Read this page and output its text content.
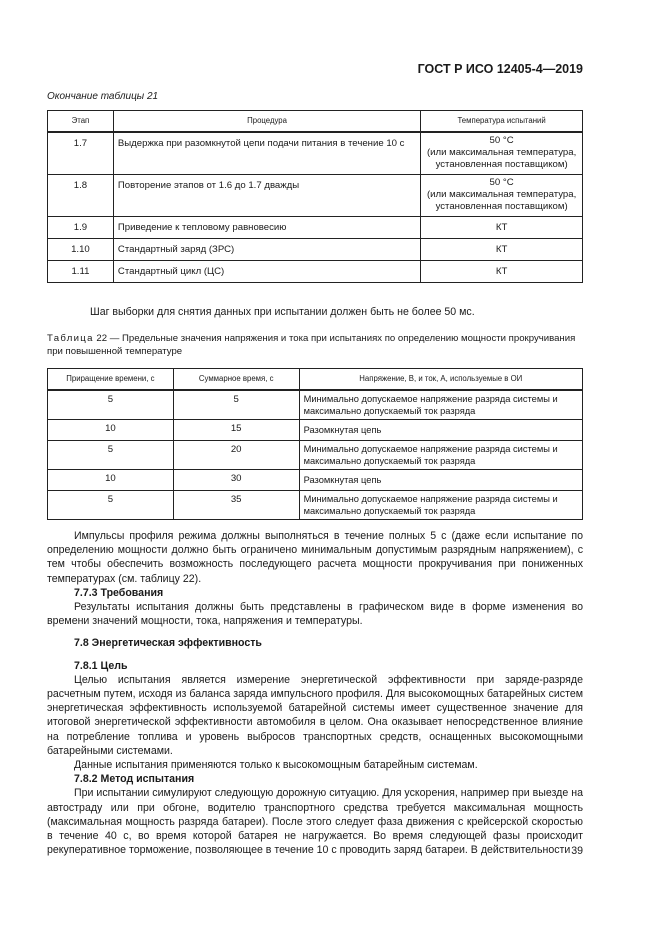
ГОСТ Р ИСО 12405-4—2019
Окончание таблицы 21
Этап	Процедура	Температура испытаний
1.7	Выдержка при разомкнутой цепи подачи питания в течение 10 с	50 °C
(или максимальная температура, установленная поставщиком)
1.8	Повторение этапов от 1.6 до 1.7 дважды	50 °C
(или максимальная температура, установленная поставщиком)
1.9	Приведение к тепловому равновесию	КТ
1.10	Стандартный заряд (ЗРС)	КТ
1.11	Стандартный цикл (ЦС)	КТ
Шаг выборки для снятия данных при испытании должен быть не более 50 мс.
Таблица 22 — Предельные значения напряжения и тока при испытаниях по определению мощности прокручивания при повышенной температуре
Приращение времени, с	Суммарное время, с	Напряжение, В, и ток, А, используемые в ОИ
5	5	Минимально допускаемое напряжение разряда системы и максимально допускаемый ток разряда
10	15	Разомкнутая цепь
5	20	Минимально допускаемое напряжение разряда системы и максимально допускаемый ток разряда
10	30	Разомкнутая цепь
5	35	Минимально допускаемое напряжение разряда системы и максимально допускаемый ток разряда

Импульсы профиля режима должны выполняться в течение полных 5 с (даже если испытание по определению мощности должно быть ограничено минимальным допустимым разрядным напряжением), с тем чтобы обеспечить возможность последующего расчета мощности прокручивания при пониженных температурах (см. таблицу 22).

7.7.3 Требования

Результаты испытания должны быть представлены в графическом виде в форме изменения во времени значений мощности, тока, напряжения и температуры.

7.8 Энергетическая эффективность
7.8.1 Цель

Целью испытания является измерение энергетической эффективности при заряде-разряде расчетным путем, исходя из баланса заряда импульсного профиля. Для высокомощных батарейных систем энергетическая эффективность используемой батарейной системы имеет существенное значение для итоговой энергетической эффективности автомобиля в целом. Она оказывает непосредственное влияние на потребление топлива и уровень выбросов транспортных средств, оснащенных высокомощными батарейными системами.

Данные испытания применяются только к высокомощным батарейным системам.

7.8.2 Метод испытания

При испытании симулируют следующую дорожную ситуацию. Для ускорения, например при выезде на автостраду или при обгоне, водителю транспортного средства требуется максимальная мощность (максимальная мощность разряда батареи). После этого следует фаза движения с крейсерской скоростью в течение 40 с, во время которой батарея не нагружается. Во время следующей фазы происходит рекуперативное торможение, позволяющее в течение 10 с проводить заряд батареи. В действительности 39
